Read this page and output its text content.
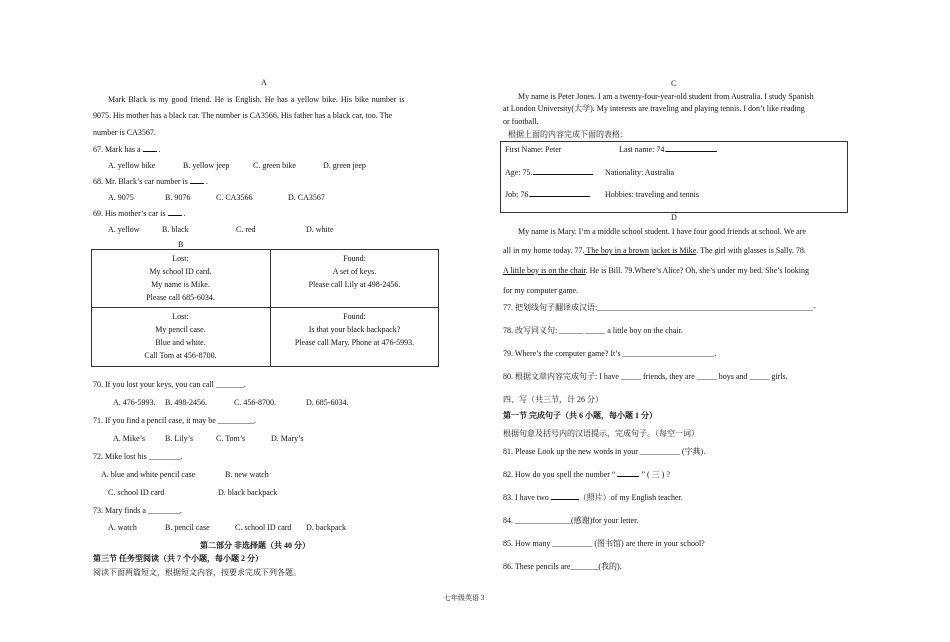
A
Mark Black is my good friend. He is English. He has a yellow bike. His bike number is
9075. His mother has a black car. The number is CA3566. His father has a black car, too. The
number is CA3567.
67. Mark has a .
A. yellow bike	B. yellow jeep	C. green bike	D. green jeep
68. Mr. Black’s car number is .
A. 9075	B. 9076	C. CA3566	D. CA3567
69. His mother’s car is .
A. yellow	B. black	C. red	D. white
B
Lost:
My school ID card.
My name is Mike.
Please call 685-6034.
Found:
A set of keys.
Please call Lily at 498-2456.
Lost:
My pencil case.
Blue and white.
Call Tom at 456-8700.
Found:
Is that your black backpack?
Please call Mary. Phone at 476-5993.
70. If you lost your keys, you can call _______.
A. 476-5993. B. 498-2456.	C. 456-8700.	D. 685-6034.
71. If you find a pencil case, it may be _________.
A. Mike’s	B. Lily’s	C. Tom’s	D. Mary’s
72. Mike lost his ________.
A. blue and white pencil case	B. new watch
C. school ID card	D. black backpack
73. Mary finds a ________.
A. watch	B. pencil case	C. school ID card D. backpack
第二部分 非选择题（共 40 分）
第三节 任务型阅读（共 7 个小题，每小题 2 分）
阅读下面两篇短文，根据短文内容，按要求完成下列各题。
C
My name is Peter Jones. I am a twenty-four-year-old student from Australia. I study Spanish
at London University(大学). My interests are traveling and playing tennis. I don’t like reading
or football.
根据上面的内容完成下面的表格：
First Name: Peter	Last name: 74.
Age: 75.	Nationality: Australia
Job: 76.	Hobbies: traveling and tennis
D
My name is Mary. I’m a middle school student. I have four good friends at school. We are
all in my home today. 77. The boy in a brown jacket is Mike. The girl with glasses is Sally. 78.
A little boy is on the chair. He is Bill. 79.Where’s Alice? Oh, she’s under my bed. She’s looking
for my computer game.
77. 把划线句子翻译成汉语:______________________________________________________-
78. 改写同义句: ______ _____ a little boy on the chair.
79. Where’s the computer game? It’s _______________________.
80. 根据文章内容完成句子: I have _____ friends, they are _____ boys and _____ girls.
四、写（共三节，计 26 分）
第一节 完成句子（共 6 小题，每小题 1 分）
根据句意及括号内的汉语提示，完成句子。（每空一词）
81. Please Look up the new words in your __________ (字典).
82. How do you spell the number “	” ( 三 ) ?
83. I have two	（照片）of my English teacher.
84. ______________(感谢)for your letter.
85. How many __________ (图书馆) are there in your school?
86. These pencils are_______(我的).
七年级英语 3
